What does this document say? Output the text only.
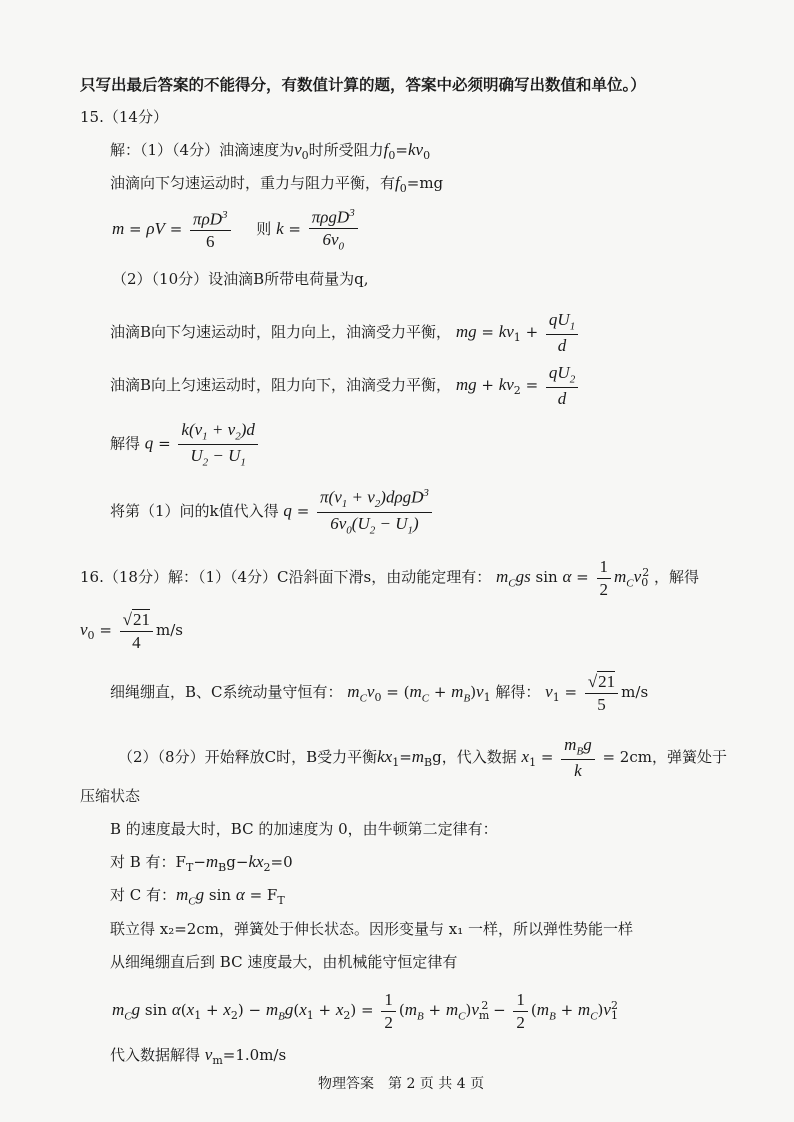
只写出最后答案的不能得分，有数值计算的题，答案中必须明确写出数值和单位。）
15.（14分）
解：（1）（4分）油滴速度为$v_0$时所受阻力$f_0=kv_0$
油滴向下匀速运动时，重力与阻力平衡，有$f_0=mg$
$m = \rho V = \frac{\pi\rho D^3}{6}$ 则 $k = \frac{\pi\rho gD^3}{6v_0}$
（2）（10分）设油滴B所带电荷量为q,
油滴B向下匀速运动时，阻力向上，油滴受力平衡， mg = $kv_1 + \frac{qU_1}{d}$
油滴B向上匀速运动时，阻力向下，油滴受力平衡， mg + $kv_2 = \frac{qU_2}{d}$
解得 $q = \frac{k(v_1 + v_2)d}{U_2 - U_1}$
将第（1）问的k值代入得 $q = \frac{\pi(v_1 + v_2)d\rho gD^3}{6v_0(U_2 - U_1)}$
16.（18分）解：（1）（4分）C沿斜面下滑s，由动能定理有： $m_Cgs$ $\sin \alpha = \frac{1}{2} m_Cv_0^2$ ，解得
$v_0 = \frac{√21}{4} m/s$
细绳绷直，B、C系统动量守恒有： $m_Cv_0 = (m_C + m_B)v_1$ 解得： $v_1 = \frac{√21}{5} m/s$
（2）（8分）开始释放C时，B受力平衡$kx_1=m_Bg$，代入数据 $x_1 = \frac{m_Bg}{k} = 2cm$，弹簧处于
压缩状态
B 的速度最大时，BC 的加速度为 0，由牛顿第二定律有：
对 B 有：$F_T-m_Bg-kx_2=0$
对 C 有：$m_Cg$ $\sin \alpha = F_T$
联立得 x₂=2cm，弹簧处于伸长状态。因形变量与 x₁ 一样，所以弹性势能一样
从细绳绷直后到 BC 速度最大，由机械能守恒定律有
$m_Cg$ $\sin \alpha(x_1 + x_2) - m_Bg(x_1 + x_2) = \frac{1}{2} (m_B + m_C)v_m^2 - \frac{1}{2} (m_B + m_C)v_1^2$
代入数据解得 $v_m=1.0m/s$
物理答案　第 2 页 共 4 页
